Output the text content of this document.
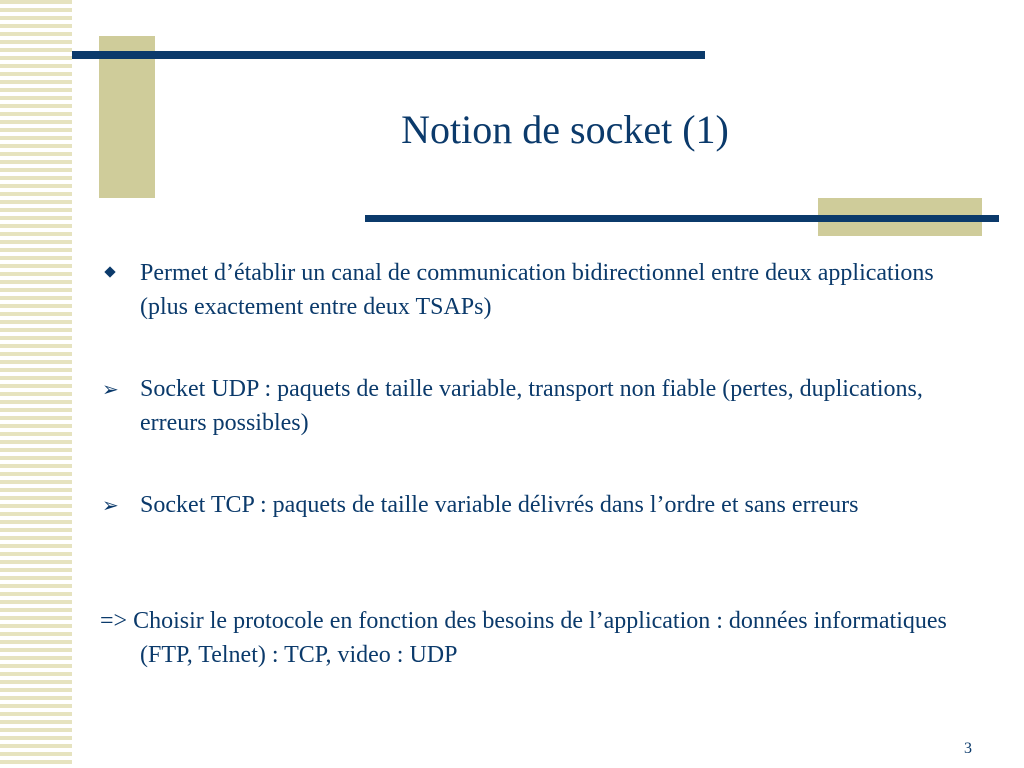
Notion de socket (1)
Permet d’établir un canal de communication bidirectionnel entre deux applications (plus exactement entre deux TSAPs)
➢ Socket UDP : paquets de taille variable, transport non fiable (pertes, duplications, erreurs possibles)
➢ Socket TCP : paquets de taille variable délivrés dans l’ordre et sans erreurs
=> Choisir le protocole en fonction des besoins de l’application : données informatiques (FTP, Telnet) : TCP, video : UDP
3
